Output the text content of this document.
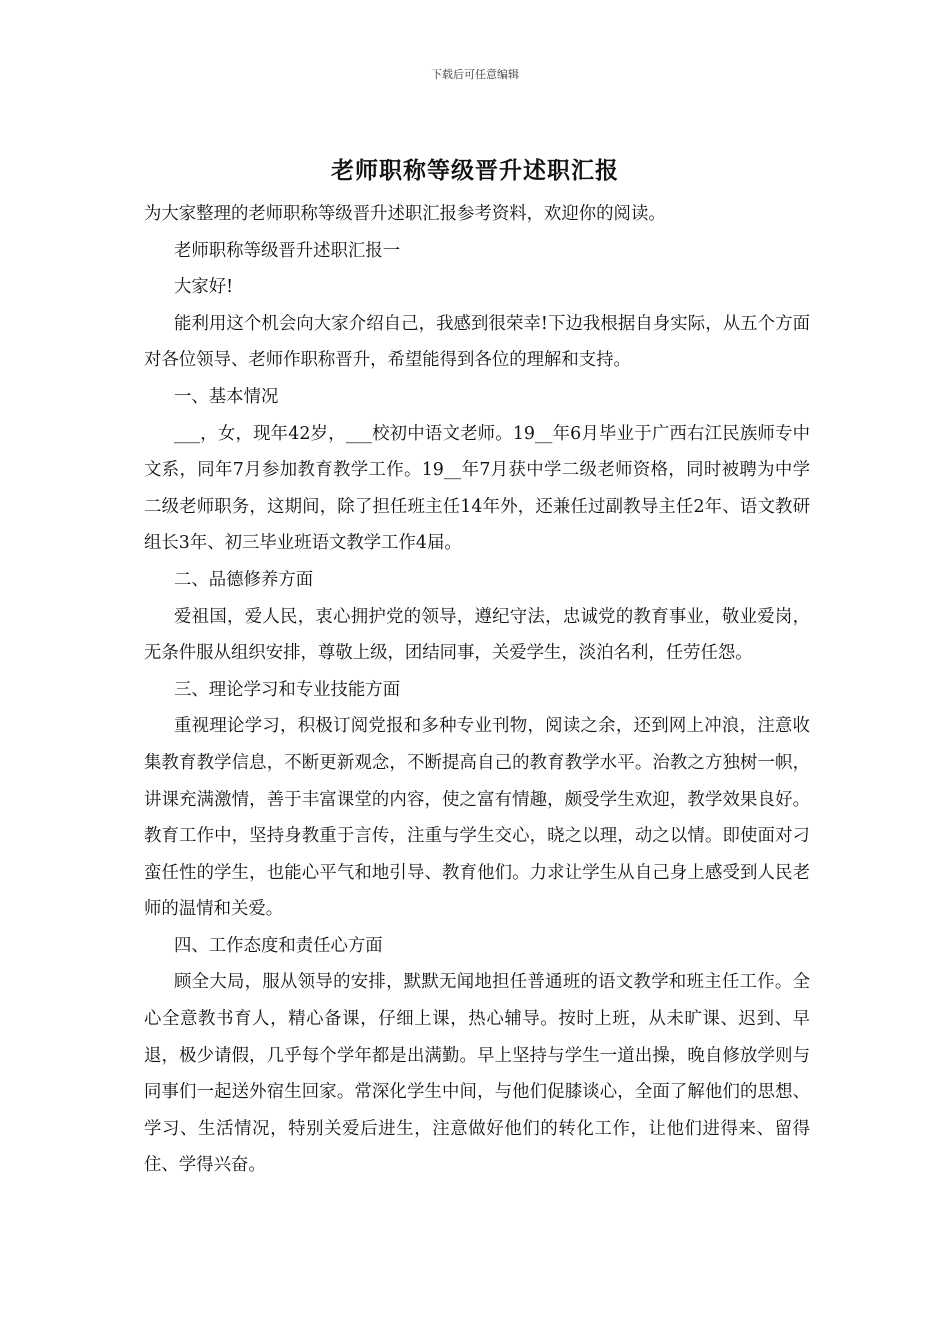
下载后可任意编辑
老师职称等级晋升述职汇报

为大家整理的老师职称等级晋升述职汇报参考资料，欢迎你的阅读。

老师职称等级晋升述职汇报一

大家好!

能利用这个机会向大家介绍自己，我感到很荣幸!下边我根据自身实际，从五个方面对各位领导、老师作职称晋升，希望能得到各位的理解和支持。

一、基本情况

___，女，现年42岁，___校初中语文老师。19__年6月毕业于广西右江民族师专中文系，同年7月参加教育教学工作。19__年7月获中学二级老师资格，同时被聘为中学二级老师职务，这期间，除了担任班主任14年外，还兼任过副教导主任2年、语文教研组长3年、初三毕业班语文教学工作4届。

二、品德修养方面

爱祖国，爱人民，衷心拥护党的领导，遵纪守法，忠诚党的教育事业，敬业爱岗，无条件服从组织安排，尊敬上级，团结同事，关爱学生，淡泊名利，任劳任怨。

三、理论学习和专业技能方面

重视理论学习，积极订阅党报和多种专业刊物，阅读之余，还到网上冲浪，注意收集教育教学信息，不断更新观念，不断提高自己的教育教学水平。治教之方独树一帜，讲课充满激情，善于丰富课堂的内容，使之富有情趣，颇受学生欢迎，教学效果良好。教育工作中，坚持身教重于言传，注重与学生交心，晓之以理，动之以情。即使面对刁蛮任性的学生，也能心平气和地引导、教育他们。力求让学生从自己身上感受到人民老师的温情和关爱。

四、工作态度和责任心方面

顾全大局，服从领导的安排，默默无闻地担任普通班的语文教学和班主任工作。全心全意教书育人，精心备课，仔细上课，热心辅导。按时上班，从未旷课、迟到、早退，极少请假，几乎每个学年都是出满勤。早上坚持与学生一道出操，晚自修放学则与同事们一起送外宿生回家。常深化学生中间，与他们促膝谈心，全面了解他们的思想、学习、生活情况，特别关爱后进生，注意做好他们的转化工作，让他们进得来、留得住、学得兴奋。
